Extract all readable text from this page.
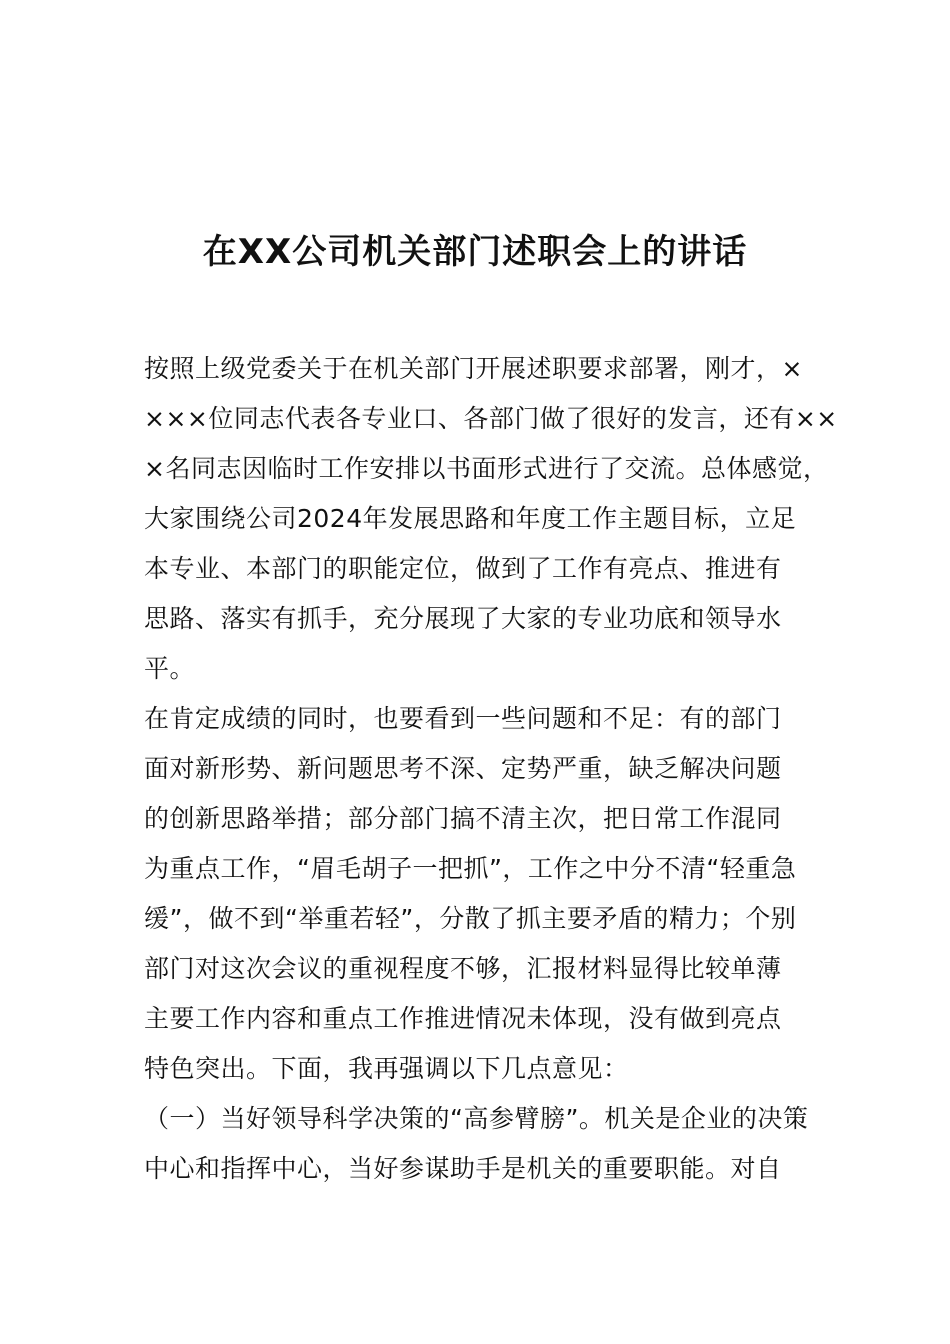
在XX公司机关部门述职会上的讲话
按照上级党委关于在机关部门开展述职要求部署，刚才，×
×××位同志代表各专业口、各部门做了很好的发言，还有××
×名同志因临时工作安排以书面形式进行了交流。总体感觉，
大家围绕公司2024年发展思路和年度工作主题目标，立足
本专业、本部门的职能定位，做到了工作有亮点、推进有
思路、落实有抓手，充分展现了大家的专业功底和领导水
平。
在肯定成绩的同时，也要看到一些问题和不足：有的部门
面对新形势、新问题思考不深、定势严重，缺乏解决问题
的创新思路举措；部分部门搞不清主次，把日常工作混同
为重点工作，“眉毛胡子一把抓”，工作之中分不清“轻重急
缓”，做不到“举重若轻”，分散了抓主要矛盾的精力；个别
部门对这次会议的重视程度不够，汇报材料显得比较单薄
主要工作内容和重点工作推进情况未体现，没有做到亮点
特色突出。下面，我再强调以下几点意见：
（一）当好领导科学决策的“高参臂膀”。机关是企业的决策
中心和指挥中心，当好参谋助手是机关的重要职能。对自
